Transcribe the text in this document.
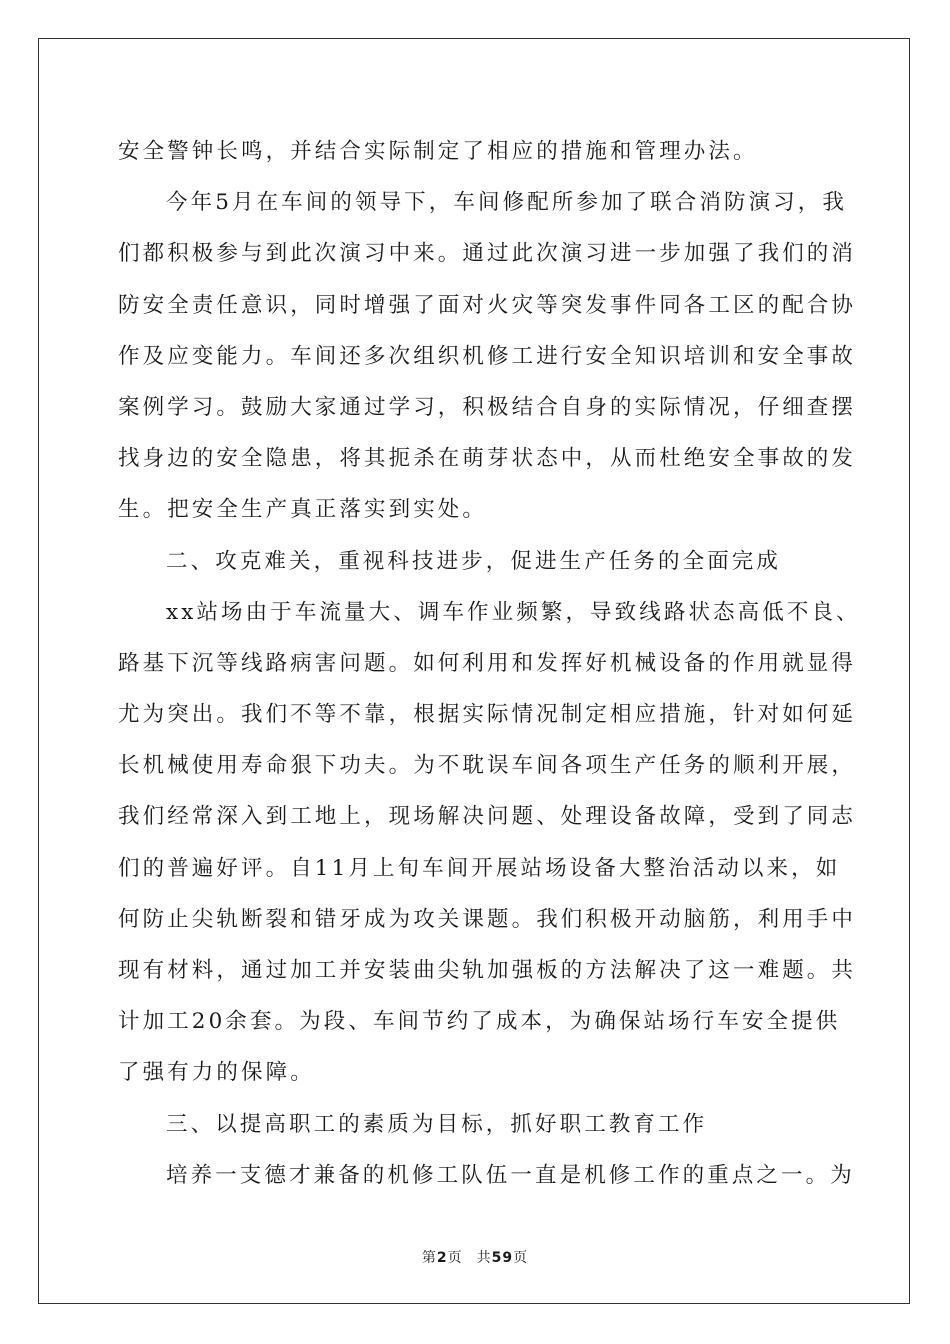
安全警钟长鸣，并结合实际制定了相应的措施和管理办法。
今年5月在车间的领导下，车间修配所参加了联合消防演习，我
们都积极参与到此次演习中来。通过此次演习进一步加强了我们的消
防安全责任意识，同时增强了面对火灾等突发事件同各工区的配合协
作及应变能力。车间还多次组织机修工进行安全知识培训和安全事故
案例学习。鼓励大家通过学习，积极结合自身的实际情况，仔细查摆
找身边的安全隐患，将其扼杀在萌芽状态中，从而杜绝安全事故的发
生。把安全生产真正落实到实处。
二、攻克难关，重视科技进步，促进生产任务的全面完成
xx站场由于车流量大、调车作业频繁，导致线路状态高低不良、
路基下沉等线路病害问题。如何利用和发挥好机械设备的作用就显得
尤为突出。我们不等不靠，根据实际情况制定相应措施，针对如何延
长机械使用寿命狠下功夫。为不耽误车间各项生产任务的顺利开展，
我们经常深入到工地上，现场解决问题、处理设备故障，受到了同志
们的普遍好评。自11月上旬车间开展站场设备大整治活动以来，如
何防止尖轨断裂和错牙成为攻关课题。我们积极开动脑筋，利用手中
现有材料，通过加工并安装曲尖轨加强板的方法解决了这一难题。共
计加工20余套。为段、车间节约了成本，为确保站场行车安全提供
了强有力的保障。
三、以提高职工的素质为目标，抓好职工教育工作
培养一支德才兼备的机修工队伍一直是机修工作的重点之一。为
第2页 共59页
